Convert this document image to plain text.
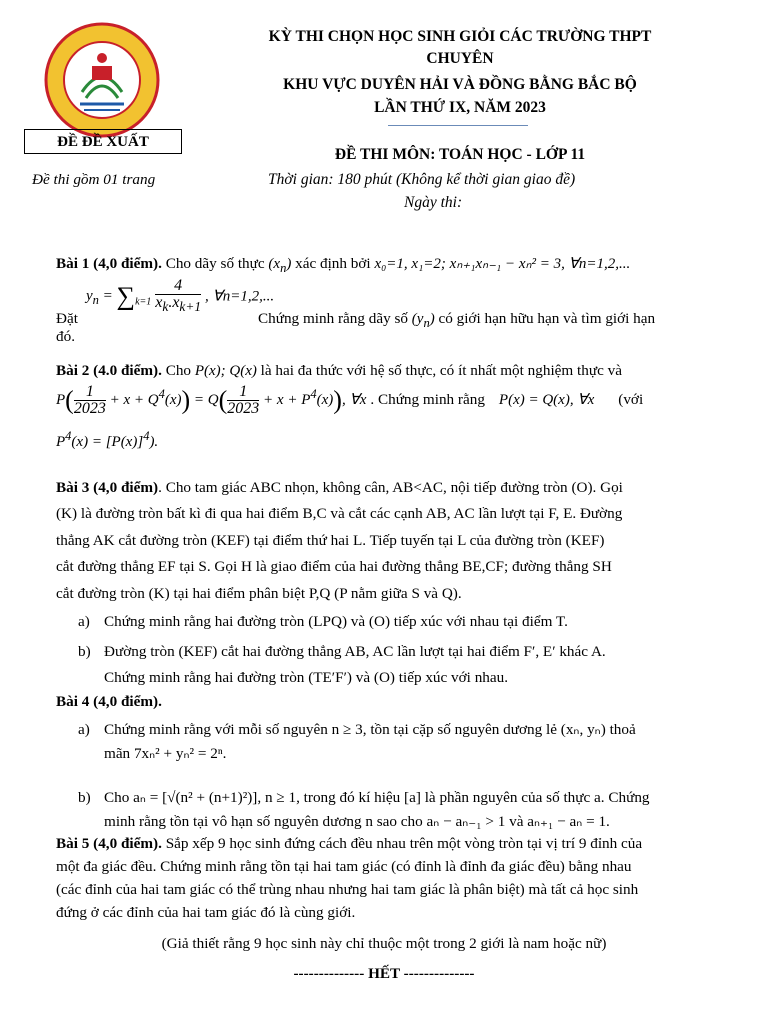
KỲ THI CHỌN HỌC SINH GIỎI CÁC TRƯỜNG THPT
CHUYÊN
KHU VỰC DUYÊN HẢI VÀ ĐỒNG BẰNG BẮC BỘ
LẦN THỨ IX, NĂM 2023
ĐỀ ĐỀ XUẤT
Đề thi gồm 01 trang
ĐỀ THI MÔN: TOÁN HỌC - LỚP 11
Thời gian: 180 phút (Không kể thời gian giao đề)
Ngày thi:
Bài 1 (4,0 điểm). Cho dãy số thực $(x_n)$ xác định bởi x₀=1, x₁=2; xₙ₊₁xₙ₋₁ − xₙ² = 3, ∀n=1,2,...
$y_n = \sum_{k=1} \frac{4}{x_k.x_{k+1}}$ , ∀n=1,2,...
Đặt	Chứng minh rằng dãy số $(y_n)$ có giới hạn hữu hạn và tìm giới hạn
đó.
Bài 2 (4.0 điểm). Cho P(x); Q(x) là hai đa thức với hệ số thực, có ít nhất một nghiệm thực và
$P( \frac{1}{2023} + x + Q^4(x)) = Q( \frac{1}{2023} + x + P^4(x))$, ∀x . Chứng minh rằng P(x) = Q(x), ∀x (với
$P^4(x) = [P(x)]^4$).
Bài 3 (4,0 điểm). Cho tam giác ABC nhọn, không cân, AB<AC, nội tiếp đường tròn (O). Gọi
(K) là đường tròn bất kì đi qua hai điểm B,C và cắt các cạnh AB, AC lần lượt tại F, E. Đường
thẳng AK cắt đường tròn (KEF) tại điểm thứ hai L. Tiếp tuyến tại L của đường tròn (KEF)
cắt đường thẳng EF tại S. Gọi H là giao điểm của hai đường thẳng BE,CF; đường thẳng SH
cắt đường tròn (K) tại hai điểm phân biệt P,Q (P nằm giữa S và Q).
a) Chứng minh rằng hai đường tròn (LPQ) và (O) tiếp xúc với nhau tại điểm T.
b) Đường tròn (KEF) cắt hai đường thẳng AB, AC lần lượt tại hai điểm F′, E′ khác A.
Chứng minh rằng hai đường tròn (TE′F′) và (O) tiếp xúc với nhau.
Bài 4 (4,0 điểm).
a) Chứng minh rằng với mỗi số nguyên n ≥ 3, tồn tại cặp số nguyên dương lẻ (xₙ, yₙ) thoả
mãn 7xₙ² + yₙ² = 2ⁿ.
b) Cho aₙ = [√(n² + (n+1)²)], n ≥ 1, trong đó kí hiệu [a] là phần nguyên của số thực a. Chứng
minh rằng tồn tại vô hạn số nguyên dương n sao cho aₙ − aₙ₋₁ > 1 và aₙ₊₁ − aₙ = 1.
Bài 5 (4,0 điểm). Sắp xếp 9 học sinh đứng cách đều nhau trên một vòng tròn tại vị trí 9 đỉnh của
một đa giác đều. Chứng minh rằng tồn tại hai tam giác (có đỉnh là đỉnh đa giác đều) bằng nhau
(các đỉnh của hai tam giác có thể trùng nhau nhưng hai tam giác là phân biệt) mà tất cả học sinh
đứng ở các đỉnh của hai tam giác đó là cùng giới.
(Giả thiết rằng 9 học sinh này chỉ thuộc một trong 2 giới là nam hoặc nữ)
-------------- HẾT --------------
